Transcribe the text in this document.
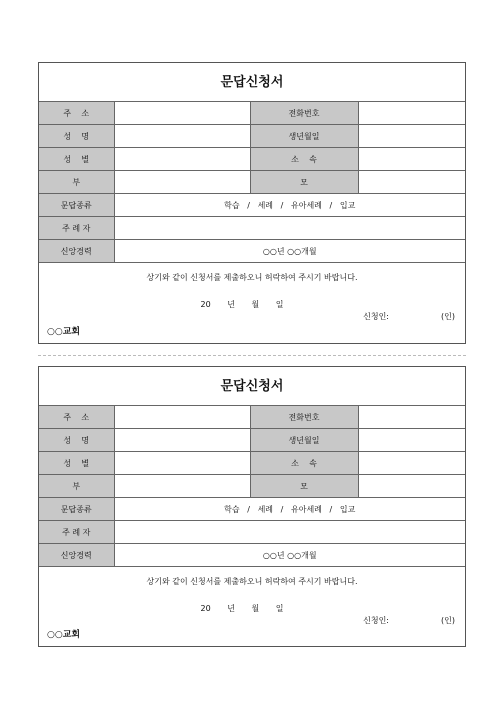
문답신청서
주    소		전화번호	
성    명		생년월일	
성    별		소    속	
부		모	
문답종류	학습   /   세례   /   유아세례   /   입교		
주 례 자			
신앙경력	○○년 ○○개월		
상기와 같이 신청서를 제출하오니 허락하여 주시기 바랍니다.
20 년 월 일
신청인:	(인)
○○교회
문답신청서
주    소		전화번호	
성    명		생년월일	
성    별		소    속	
부		모	
문답종류	학습   /   세례   /   유아세례   /   입교		
주 례 자			
신앙경력	○○년 ○○개월		
상기와 같이 신청서를 제출하오니 허락하여 주시기 바랍니다.
20 년 월 일
신청인:	(인)
○○교회
